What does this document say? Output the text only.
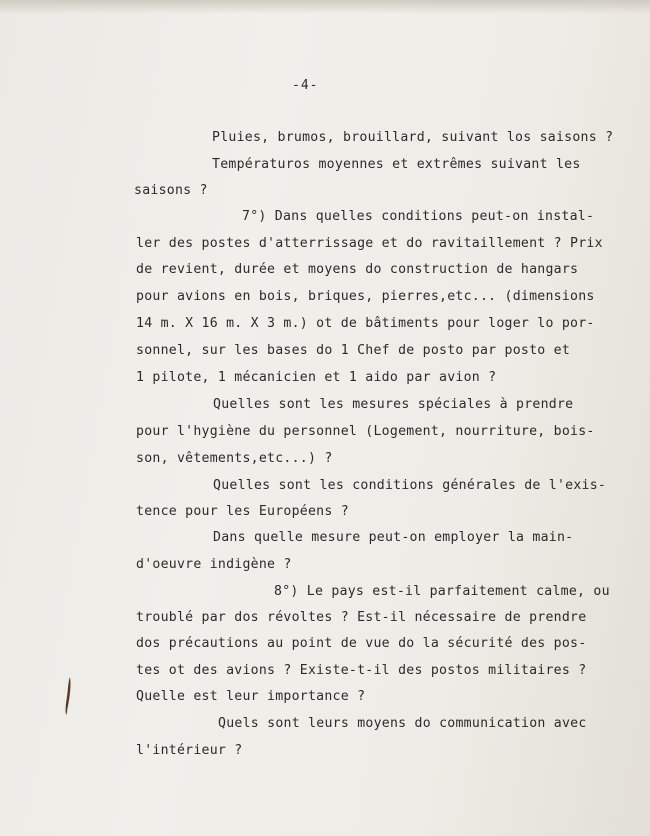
-4-
Pluies, brumos, brouillard, suivant los saisons ?
Températuros moyennes et extrêmes suivant les
saisons ?
7°) Dans quelles conditions peut-on instal-
ler des postes d'atterrissage et do ravitaillement ? Prix
de revient, durée et moyens do construction de hangars
pour avions en bois, briques, pierres,etc... (dimensions
14 m. X 16 m. X 3 m.) ot de bâtiments pour loger lo por-
sonnel, sur les bases do 1 Chef de posto par posto et
1 pilote, 1 mécanicien et 1 aido par avion ?
Quelles sont les mesures spéciales à prendre
pour l'hygiène du personnel (Logement, nourriture, bois-
son, vêtements,etc...) ?
Quelles sont les conditions générales de l'exis-
tence pour les Européens ?
Dans quelle mesure peut-on employer la main-
d'oeuvre indigène ?
8°) Le pays est-il parfaitement calme, ou
troublé par dos révoltes ? Est-il nécessaire de prendre
dos précautions au point de vue do la sécurité des pos-
tes ot des avions ? Existe-t-il des postos militaires ?
Quelle est leur importance ?
Quels sont leurs moyens do communication avec
l'intérieur ?
